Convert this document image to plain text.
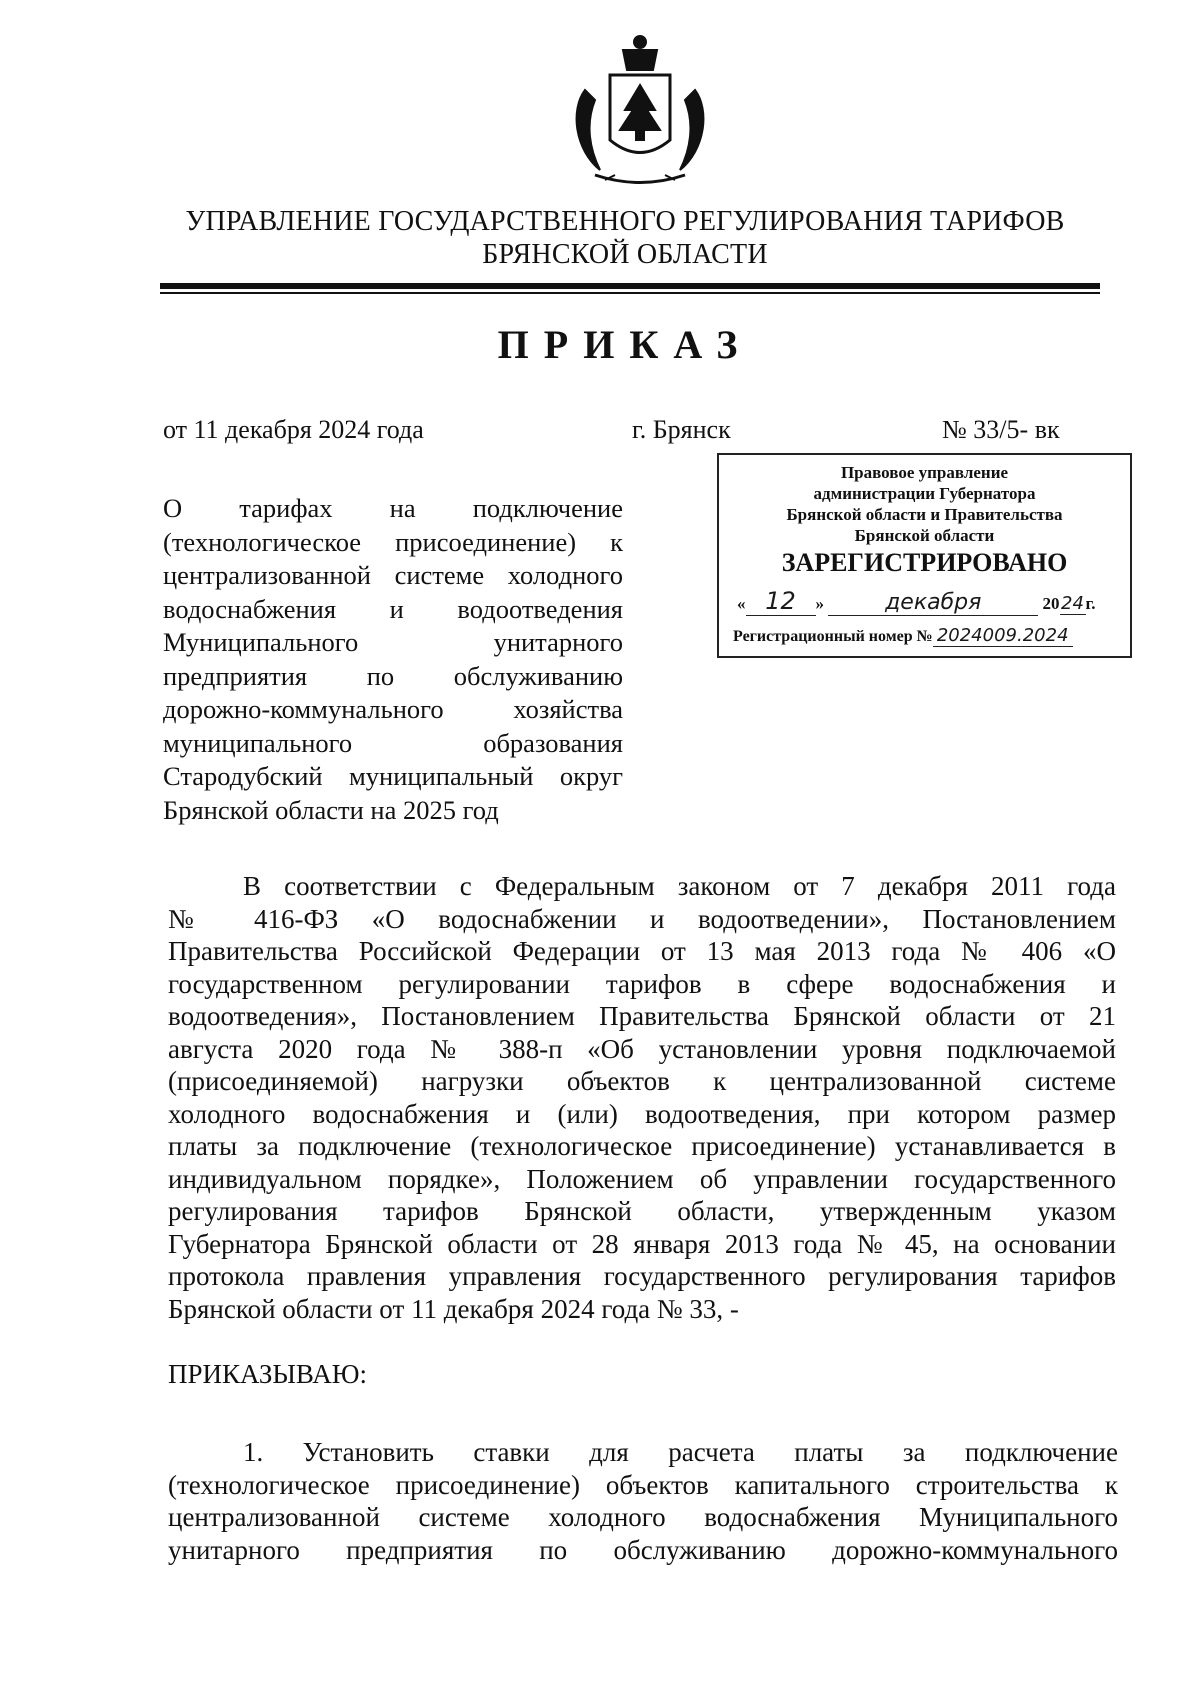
УПРАВЛЕНИЕ ГОСУДАРСТВЕННОГО РЕГУЛИРОВАНИЯ ТАРИФОВ
БРЯНСКОЙ ОБЛАСТИ
ПРИКАЗ
от 11 декабря 2024 года	г. Брянск	№ 33/5- вк
О тарифах на подключение
(технологическое присоединение) к
централизованной системе холодного
водоснабжения и водоотведения
Муниципального унитарного
предприятия по обслуживанию
дорожно-коммунального хозяйства
муниципального образования
Стародубский муниципальный округ
Брянской области на 2025 год
Правовое управление
администрации Губернатора
Брянской области и Правительства
Брянской области
ЗАРЕГИСТРИРОВАНО
« 12 »	декабря	2024г.
Регистрационный номер № 2024009.2024
В соответствии с Федеральным законом от 7 декабря 2011 года
№ 416-ФЗ «О водоснабжении и водоотведении», Постановлением
Правительства Российской Федерации от 13 мая 2013 года № 406 «О
государственном регулировании тарифов в сфере водоснабжения и
водоотведения», Постановлением Правительства Брянской области от 21
августа 2020 года № 388-п «Об установлении уровня подключаемой
(присоединяемой) нагрузки объектов к централизованной системе
холодного водоснабжения и (или) водоотведения, при котором размер
платы за подключение (технологическое присоединение) устанавливается в
индивидуальном порядке», Положением об управлении государственного
регулирования тарифов Брянской области, утвержденным указом
Губернатора Брянской области от 28 января 2013 года № 45, на основании
протокола правления управления государственного регулирования тарифов
Брянской области от 11 декабря 2024 года № 33, -
ПРИКАЗЫВАЮ:
1. Установить ставки для расчета платы за подключение
(технологическое присоединение) объектов капитального строительства к
централизованной системе холодного водоснабжения Муниципального
унитарного предприятия по обслуживанию дорожно-коммунального
